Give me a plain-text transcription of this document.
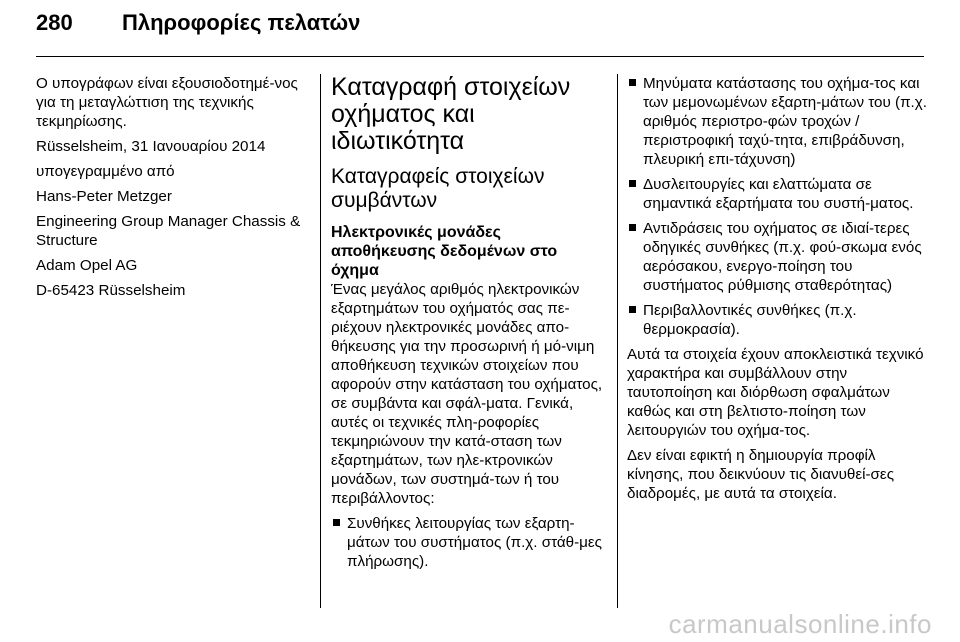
280	Πληροφορίες πελατών

Ο υπογράφων είναι εξουσιοδοτημέ-νος για τη μεταγλώττιση της τεχνικής τεκμηρίωσης.

Rüsselsheim, 31 Ιανουαρίου 2014

υπογεγραμμένο από

Hans-Peter Metzger

Engineering Group Manager Chassis & Structure

Adam Opel AG

D-65423 Rüsselsheim

Καταγραφή στοιχείων οχήματος και ιδιωτικότητα
Καταγραφείς στοιχείων συμβάντων
Ηλεκτρονικές μονάδες αποθήκευσης δεδομένων στο όχημα

Ένας μεγάλος αριθμός ηλεκτρονικών εξαρτημάτων του οχήματός σας πε-ριέχουν ηλεκτρονικές μονάδες απο-θήκευσης για την προσωρινή ή μό-νιμη αποθήκευση τεχνικών στοιχείων που αφορούν στην κατάσταση του οχήματος, σε συμβάντα και σφάλ-ματα. Γενικά, αυτές οι τεχνικές πλη-ροφορίες τεκμηριώνουν την κατά-σταση των εξαρτημάτων, των ηλε-κτρονικών μονάδων, των συστημά-των ή του περιβάλλοντος:

Συνθήκες λειτουργίας των εξαρτη-μάτων του συστήματος (π.χ. στάθ-μες πλήρωσης).
Μηνύματα κατάστασης του οχήμα-τος και των μεμονωμένων εξαρτη-μάτων του (π.χ. αριθμός περιστρο-φών τροχών / περιστροφική ταχύ-τητα, επιβράδυνση, πλευρική επι-τάχυνση)
Δυσλειτουργίες και ελαττώματα σε σημαντικά εξαρτήματα του συστή-ματος.
Αντιδράσεις του οχήματος σε ιδιαί-τερες οδηγικές συνθήκες (π.χ. φού-σκωμα ενός αερόσακου, ενεργο-ποίηση του συστήματος ρύθμισης σταθερότητας)
Περιβαλλοντικές συνθήκες (π.χ. θερμοκρασία).

Αυτά τα στοιχεία έχουν αποκλειστικά τεχνικό χαρακτήρα και συμβάλλουν στην ταυτοποίηση και διόρθωση σφαλμάτων καθώς και στη βελτιστο-ποίηση των λειτουργιών του οχήμα-τος.

Δεν είναι εφικτή η δημιουργία προφίλ κίνησης, που δεικνύουν τις διανυθεί-σες διαδρομές, με αυτά τα στοιχεία.

carmanualsonline.info
